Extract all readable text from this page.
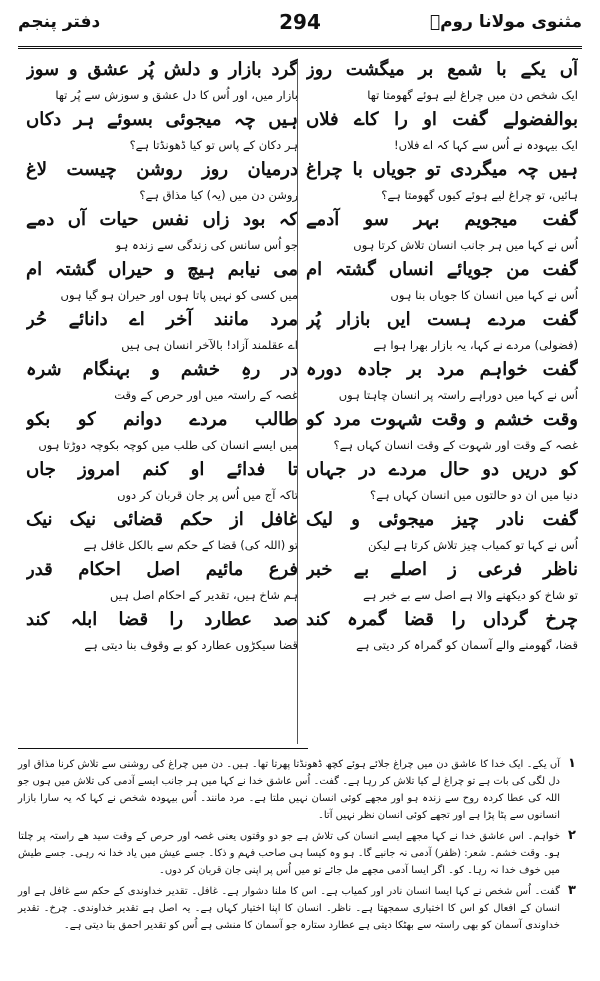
مثنوی مولانا رومؒ
294
دفتر پنجم
آں یکے با شمع بر میگشت روز
ایک شخص دن میں چراغ لیے ہوئے گھومتا تھا
بوالفضولے گفت او را کاے فلاں
ایک بیہودہ نے اُس سے کہا کہ اے فلاں!
ہیں چہ میگردی تو جویاں با چراغ
ہائیں، تو چراغ لیے ہوئے کیوں گھومتا ہے؟
گفت میجویم بہر سو آدمے
اُس نے کہا میں ہر جانب انسان تلاش کرتا ہوں
گفت من جویائے انساں گشتہ ام
اُس نے کہا میں انسان کا جویاں بنا ہوں
گفت مردے ہست ایں بازار پُر
(فضولی) مردے نے کہا، یہ بازار بھرا ہوا ہے
گفت خواہم مرد بر جادہ دورہ
اُس نے کہا میں دوراہے راستہ پر انسان چاہتا ہوں
وقت خشم و وقت شہوت مرد کو
غصہ کے وقت اور شہوت کے وقت انسان کہاں ہے؟
کو دریں دو حال مردے در جہاں
دنیا میں ان دو حالتوں میں انسان کہاں ہے؟
گفت نادر چیز میجوئی و لیک
اُس نے کہا تو کمیاب چیز تلاش کرتا ہے لیکن
ناظر فرعی ز اصلے بے خبر
تو شاخ کو دیکھنے والا ہے اصل سے بے خبر ہے
چرخ گرداں را قضا گمرہ کند
قضا، گھومنے والے آسمان کو گمراہ کر دیتی ہے
گرد بازار و دلش پُر عشق و سوز
بازار میں، اور اُس کا دل عشق و سوزش سے پُر تھا
ہیں چہ میجوئی بسوئے ہر دکاں
ہر دکان کے پاس تو کیا ڈھونڈتا ہے؟
درمیان روز روشن چیست لاغ
روشن دن میں (یہ) کیا مذاق ہے؟
کہ بود زاں نفس حیات آں دمے
جو اُس سانس کی زندگی سے زندہ ہو
می نیابم ہیچ و حیراں گشتہ ام
میں کسی کو نہیں پاتا ہوں اور حیران ہو گیا ہوں
مرد مانند آخر اے دانائے حُر
اے عقلمند آزاد! بالآخر انسان ہی ہیں
در رہِ خشم و بہنگام شرہ
غصہ کے راستہ میں اور حرص کے وقت
طالب مردے دوانم کو بکو
میں ایسے انسان کی طلب میں کوچہ بکوچہ دوڑتا ہوں
تا فدائے او کنم امروز جاں
تاکہ آج میں اُس پر جان قربان کر دوں
غافل از حکم قضائی نیک نیک
تو (اللہ کی) قضا کے حکم سے بالکل غافل ہے
فرع مائیم اصل احکام قدر
ہم شاخ ہیں، تقدیر کے احکام اصل ہیں
صد عطارد را قضا ابلہ کند
قضا سیکڑوں عطارد کو بے وقوف بنا دیتی ہے
۱
آں یکے۔ ایک خدا کا عاشق دن میں چراغ جلائے ہوئے کچھ ڈھونڈتا پھرتا تھا۔ ہیں۔ دن میں چراغ کی روشنی سے تلاش کرنا مذاق اور دل لگی کی بات ہے تو چراغ لے کیا تلاش کر رہا ہے۔ گفت۔ اُس عاشق خدا نے کہا میں ہر جانب ایسے آدمی کی تلاش میں ہوں جو اللہ کی عطا کردہ روح سے زندہ ہو اور مجھے کوئی انسان نہیں ملتا ہے۔ مرد مانند۔ اُس بیہودہ شخص نے کہا کہ یہ سارا بازار انسانوں سے پٹا پڑا ہے اور تجھے کوئی انسان نظر نہیں آتا۔
۲
خواہم۔ اس عاشق خدا نے کہا مجھے ایسے انسان کی تلاش ہے جو دو وقتوں یعنی غصہ اور حرص کے وقت سید ھے راستہ پر چلتا ہو۔ وقت خشم۔ شعر: (ظفر) آدمی نہ جانیے گا۔ ہو وہ کیسا ہی صاحب فہم و ذکا۔ جسے عیش میں یاد خدا نہ رہی۔ جسے طیش میں خوف خدا نہ رہا۔ کو۔ اگر ایسا آدمی مجھے مل جائے تو میں اُس پر اپنی جان قربان کر دوں۔
۳
گفت۔ اُس شخص نے کہا ایسا انسان نادر اور کمیاب ہے۔ اس کا ملنا دشوار ہے۔ غافل۔ تقدیر خداوندی کے حکم سے غافل ہے اور انسان کے افعال کو اس کا اختیاری سمجھتا ہے۔ ناظر۔ انسان کا اپنا اختیار کہاں ہے۔ یہ اصل ہے تقدیر خداوندی۔ چرخ۔ تقدیر خداوندی آسمان کو بھی راستہ سے بھٹکا دیتی ہے عطارد ستارہ جو آسمان کا منشی ہے اُس کو تقدیر احمق بنا دیتی ہے۔
